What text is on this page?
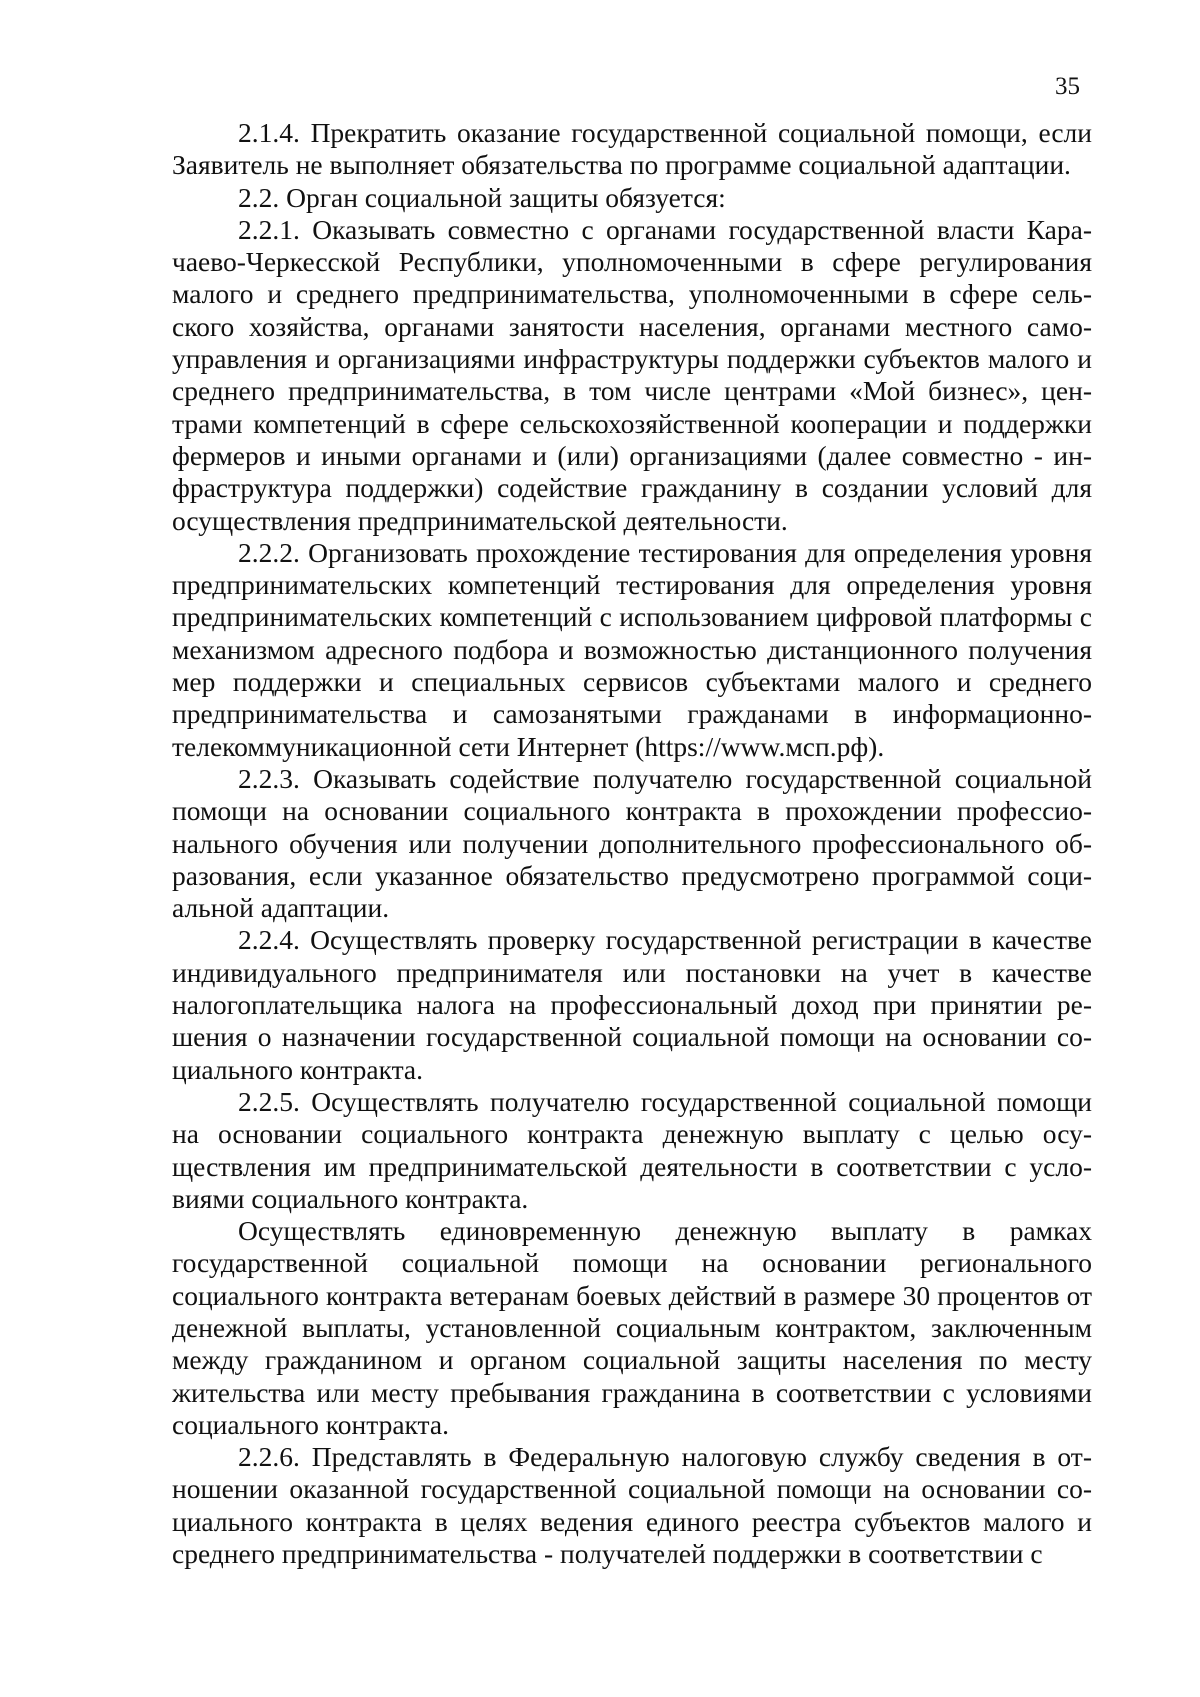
35

2.1.4. Прекратить оказание государственной социальной помощи, если Заявитель не выполняет обязательства по программе социальной адаптации.

2.2. Орган социальной защиты обязуется:

2.2.1. Оказывать совместно с органами государственной власти Карачаево-Черкесской Республики, уполномоченными в сфере регулирования малого и среднего предпринимательства, уполномоченными в сфере сельского хозяйства, органами занятости населения, органами местного самоуправления и организациями инфраструктуры поддержки субъектов малого и среднего предпринимательства, в том числе центрами «Мой бизнес», центрами компетенций в сфере сельскохозяйственной кооперации и поддержки фермеров и иными органами и (или) организациями (далее совместно - инфраструктура поддержки) содействие гражданину в создании условий для осуществления предпринимательской деятельности.

2.2.2. Организовать прохождение тестирования для определения уровня предпринимательских компетенций тестирования для определения уровня предпринимательских компетенций с использованием цифровой платформы с механизмом адресного подбора и возможностью дистанционного получения мер поддержки и специальных сервисов субъектами малого и среднего предпринимательства и самозанятыми гражданами в информационно-телекоммуникационной сети Интернет (https://www.мсп.рф).

2.2.3. Оказывать содействие получателю государственной социальной помощи на основании социального контракта в прохождении профессионального обучения или получении дополнительного профессионального образования, если указанное обязательство предусмотрено программой социальной адаптации.

2.2.4. Осуществлять проверку государственной регистрации в качестве индивидуального предпринимателя или постановки на учет в качестве налогоплательщика налога на профессиональный доход при принятии решения о назначении государственной социальной помощи на основании социального контракта.

2.2.5. Осуществлять получателю государственной социальной помощи на основании социального контракта денежную выплату с целью осуществления им предпринимательской деятельности в соответствии с условиями социального контракта.

Осуществлять единовременную денежную выплату в рамках государственной социальной помощи на основании регионального социального контракта ветеранам боевых действий в размере 30 процентов от денежной выплаты, установленной социальным контрактом, заключенным между гражданином и органом социальной защиты населения по месту жительства или месту пребывания гражданина в соответствии с условиями социального контракта.

2.2.6. Представлять в Федеральную налоговую службу сведения в отношении оказанной государственной социальной помощи на основании социального контракта в целях ведения единого реестра субъектов малого и среднего предпринимательства - получателей поддержки в соответствии с
